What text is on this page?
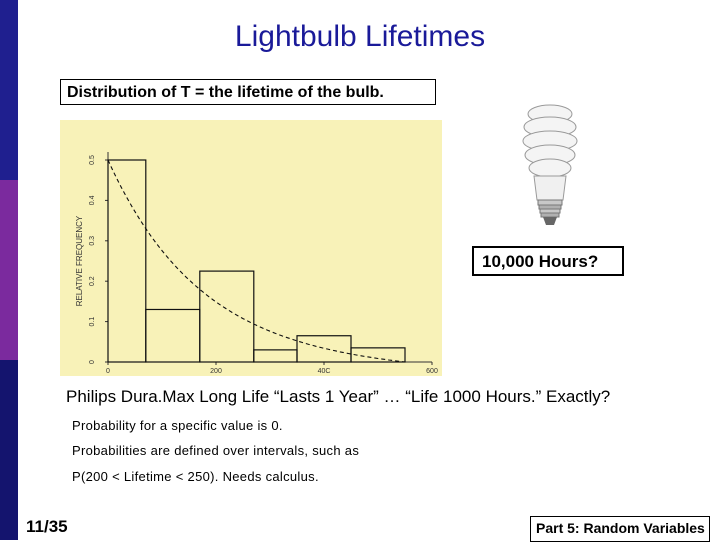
Lightbulb Lifetimes
Distribution of T = the lifetime of the bulb.
0
0.1
0.2
0.3
0.4
0.5
RELATIVE FREQUENCY
0	200	40C	600
10,000 Hours?
Philips Dura.Max Long Life “Lasts 1 Year” … “Life 1000 Hours.” Exactly?
Probability for a specific value is 0.
Probabilities are defined over intervals, such as
P(200 < Lifetime < 250). Needs calculus.
11/35	Part 5: Random Variables
